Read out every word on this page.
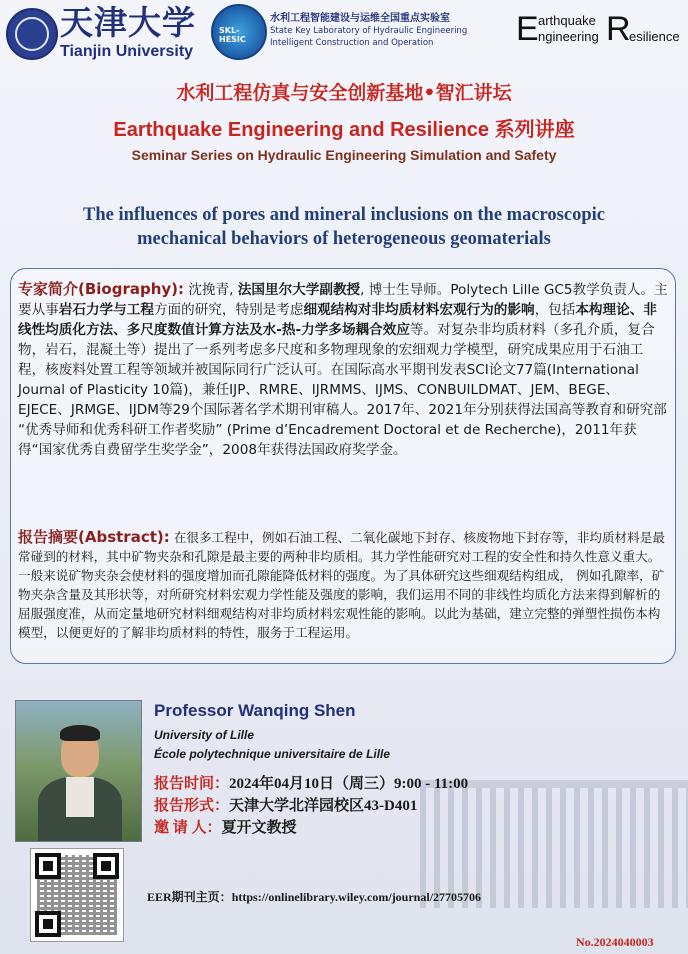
天津大学
Tianjin University
SKL-HESIC
水利工程智能建设与运维全国重点实验室
State Key Laboratory of Hydraulic Engineering Intelligent Construction and Operation	E arthquake
ngineering R
esilience
水利工程仿真与安全创新基地•智汇讲坛
Earthquake Engineering and Resilience 系列讲座
Seminar Series on Hydraulic Engineering Simulation and Safety
The influences of pores and mineral inclusions on the macroscopic
mechanical behaviors of heterogeneous geomaterials
专家简介(Biography): 沈挽青, 法国里尔大学副教授, 博士生导师。Polytech Lille GC5教学负责人。主要从事岩石力学与工程方面的研究，特别是考虑细观结构对非均质材料宏观行为的影响，包括本构理论、非线性均质化方法、多尺度数值计算方法及水-热-力学多场耦合效应等。对复杂非均质材料（多孔介质，复合物，岩石，混凝土等）提出了一系列考虑多尺度和多物理现象的宏细观力学模型，研究成果应用于石油工程，核废料处置工程等领域并被国际同行广泛认可。在国际高水平期刊发表SCI论文77篇(International Journal of Plasticity 10篇)，兼任IJP、RMRE、IJRMMS、IJMS、CONBUILDMAT、JEM、BEGE、EJECE、JRMGE、IJDM等29个国际著名学术期刊审稿人。2017年、2021年分别获得法国高等教育和研究部 “优秀导师和优秀科研工作者奖励” (Prime d’Encadrement Doctoral et de Recherche)，2011年获得“国家优秀自费留学生奖学金”，2008年获得法国政府奖学金。
报告摘要(Abstract): 在很多工程中，例如石油工程、二氧化碳地下封存、核废物地下封存等，非均质材料是最常碰到的材料，其中矿物夹杂和孔隙是最主要的两种非均质相。其力学性能研究对工程的安全性和持久性意义重大。一般来说矿物夹杂会使材料的强度增加而孔隙能降低材料的强度。为了具体研究这些细观结构组成， 例如孔隙率，矿物夹杂含量及其形状等，对所研究材料宏观力学性能及强度的影响，我们运用不同的非线性均质化方法来得到解析的屈服强度准，从而定量地研究材料细观结构对非均质材料宏观性能的影响。以此为基础，建立完整的弹塑性损伤本构模型，以便更好的了解非均质材料的特性，服务于工程运用。
Professor Wanqing Shen
University of Lille
École polytechnique universitaire de Lille
报告时间：2024年04月10日（周三）9:00 - 11:00
报告形式：天津大学北洋园校区43-D401
邀 请 人：夏开文教授
EER期刊主页：https://onlinelibrary.wiley.com/journal/27705706
No.2024040003
